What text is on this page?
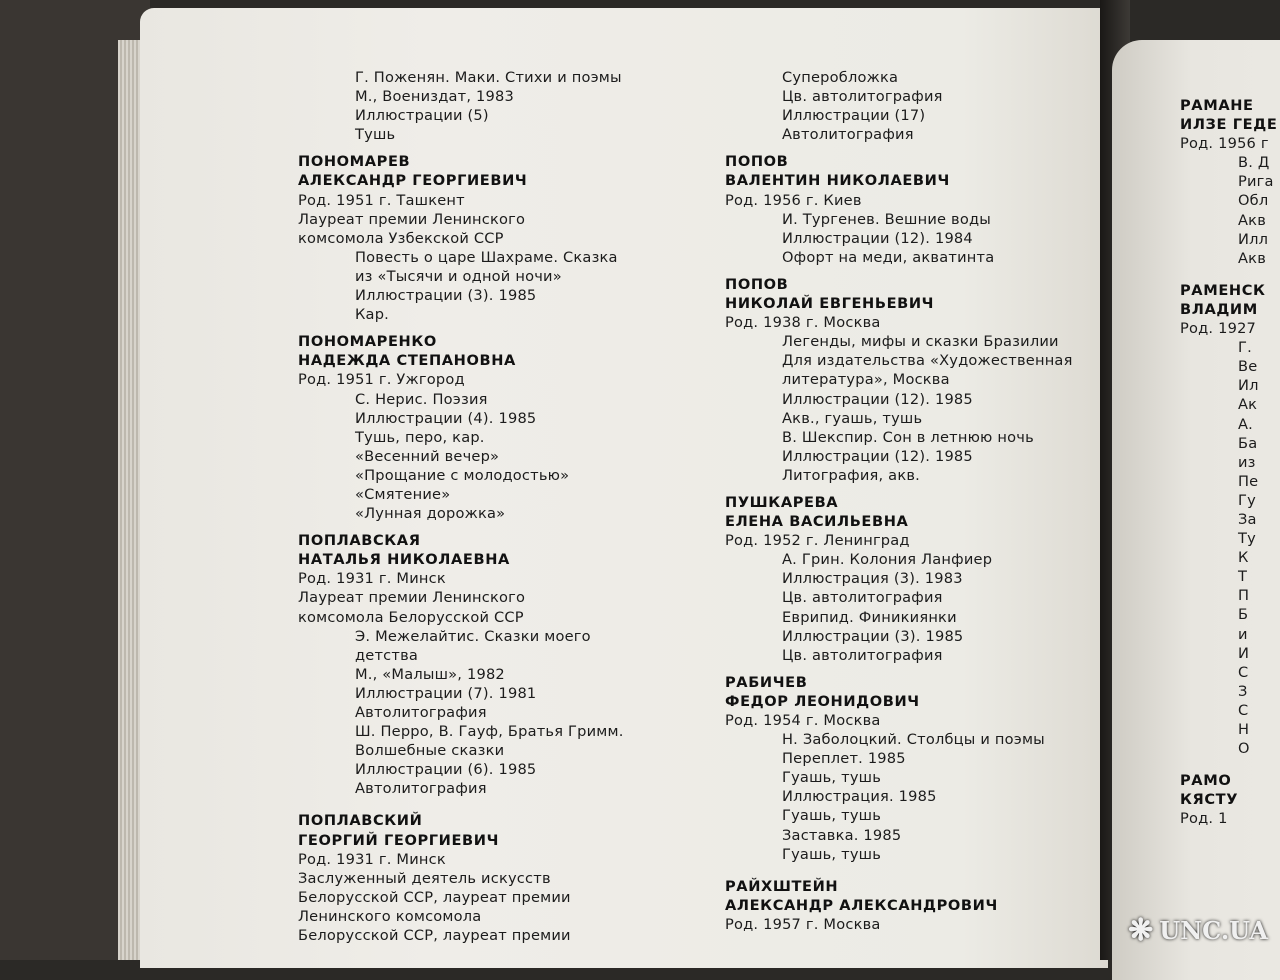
Г. Поженян. Маки. Стихи и поэмы
М., Воениздат, 1983
Иллюстрации (5)
Тушь
ПОНОМАРЕВ
АЛЕКСАНДР ГЕОРГИЕВИЧ
Род. 1951 г. Ташкент
Лауреат премии Ленинского
комсомола Узбекской ССР
Повесть о царе Шахраме. Сказка
из «Тысячи и одной ночи»
Иллюстрации (3). 1985
Кар.
ПОНОМАРЕНКО
НАДЕЖДА СТЕПАНОВНА
Род. 1951 г. Ужгород
С. Нерис. Поэзия
Иллюстрации (4). 1985
Тушь, перо, кар.
«Весенний вечер»
«Прощание с молодостью»
«Смятение»
«Лунная дорожка»
ПОПЛАВСКАЯ
НАТАЛЬЯ НИКОЛАЕВНА
Род. 1931 г. Минск
Лауреат премии Ленинского
комсомола Белорусской ССР
Э. Межелайтис. Сказки моего
детства
М., «Малыш», 1982
Иллюстрации (7). 1981
Автолитография
Ш. Перро, В. Гауф, Братья Гримм.
Волшебные сказки
Иллюстрации (6). 1985
Автолитография
ПОПЛАВСКИЙ
ГЕОРГИЙ ГЕОРГИЕВИЧ
Род. 1931 г. Минск
Заслуженный деятель искусств
Белорусской ССР, лауреат премии
Ленинского комсомола
Белорусской ССР, лауреат премии
Суперобложка
Цв. автолитография
Иллюстрации (17)
Автолитография
ПОПОВ
ВАЛЕНТИН НИКОЛАЕВИЧ
Род. 1956 г. Киев
И. Тургенев. Вешние воды
Иллюстрации (12). 1984
Офорт на меди, акватинта
ПОПОВ
НИКОЛАЙ ЕВГЕНЬЕВИЧ
Род. 1938 г. Москва
Легенды, мифы и сказки Бразилии
Для издательства «Художественная
литература», Москва
Иллюстрации (12). 1985
Акв., гуашь, тушь
В. Шекспир. Сон в летнюю ночь
Иллюстрации (12). 1985
Литография, акв.
ПУШКАРЕВА
ЕЛЕНА ВАСИЛЬЕВНА
Род. 1952 г. Ленинград
А. Грин. Колония Ланфиер
Иллюстрация (3). 1983
Цв. автолитография
Еврипид. Финикиянки
Иллюстрации (3). 1985
Цв. автолитография
РАБИЧЕВ
ФЕДОР ЛЕОНИДОВИЧ
Род. 1954 г. Москва
Н. Заболоцкий. Столбцы и поэмы
Переплет. 1985
Гуашь, тушь
Иллюстрация. 1985
Гуашь, тушь
Заставка. 1985
Гуашь, тушь
РАЙХШТЕЙН
АЛЕКСАНДР АЛЕКСАНДРОВИЧ
Род. 1957 г. Москва
РАМАНЕ
ИЛЗЕ ГЕДЕ
Род. 1956 г
В. Д
Рига
Обл
Акв
Илл
Акв
РАМЕНСК
ВЛАДИМ
Род. 1927
Г.
Ве
Ил
Ак
А.
Ба
из
Пе
Гу
За
Ту
К
Т
П
Б
и
И
С
З
С
Н
О
РАМО
КЯСТУ
Род. 1
❋ UNC.UA
